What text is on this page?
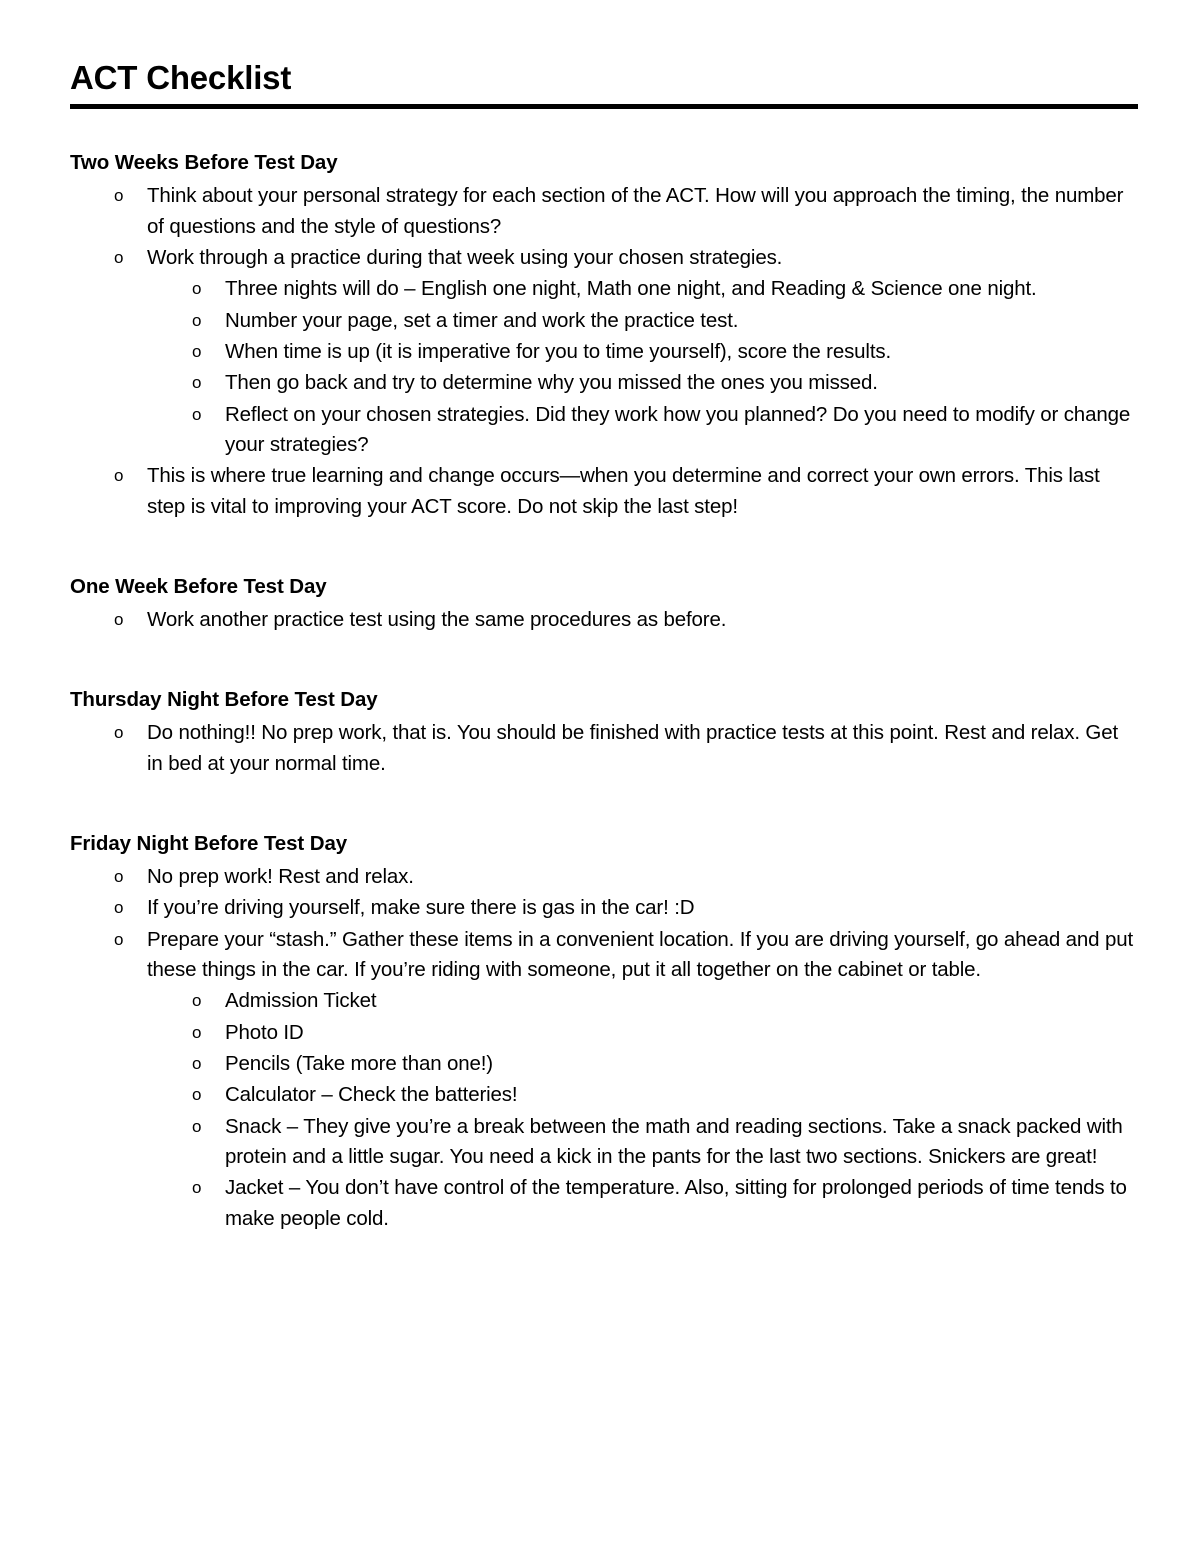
ACT Checklist
Two Weeks Before Test Day
o Think about your personal strategy for each section of the ACT. How will you approach the timing, the number of questions and the style of questions?
o Work through a practice during that week using your chosen strategies.
o Three nights will do – English one night, Math one night, and Reading & Science one night.
o Number your page, set a timer and work the practice test.
o When time is up (it is imperative for you to time yourself), score the results.
o Then go back and try to determine why you missed the ones you missed.
o Reflect on your chosen strategies. Did they work how you planned? Do you need to modify or change your strategies?
o This is where true learning and change occurs—when you determine and correct your own errors. This last step is vital to improving your ACT score. Do not skip the last step!
One Week Before Test Day
o Work another practice test using the same procedures as before.
Thursday Night Before Test Day
o Do nothing!! No prep work, that is. You should be finished with practice tests at this point. Rest and relax. Get in bed at your normal time.
Friday Night Before Test Day
o No prep work! Rest and relax.
o If you’re driving yourself, make sure there is gas in the car! :D
o Prepare your “stash.” Gather these items in a convenient location. If you are driving yourself, go ahead and put these things in the car. If you’re riding with someone, put it all together on the cabinet or table.
o Admission Ticket
o Photo ID
o Pencils (Take more than one!)
o Calculator – Check the batteries!
o Snack – They give you’re a break between the math and reading sections. Take a snack packed with protein and a little sugar. You need a kick in the pants for the last two sections. Snickers are great!
o Jacket – You don’t have control of the temperature. Also, sitting for prolonged periods of time tends to make people cold.
